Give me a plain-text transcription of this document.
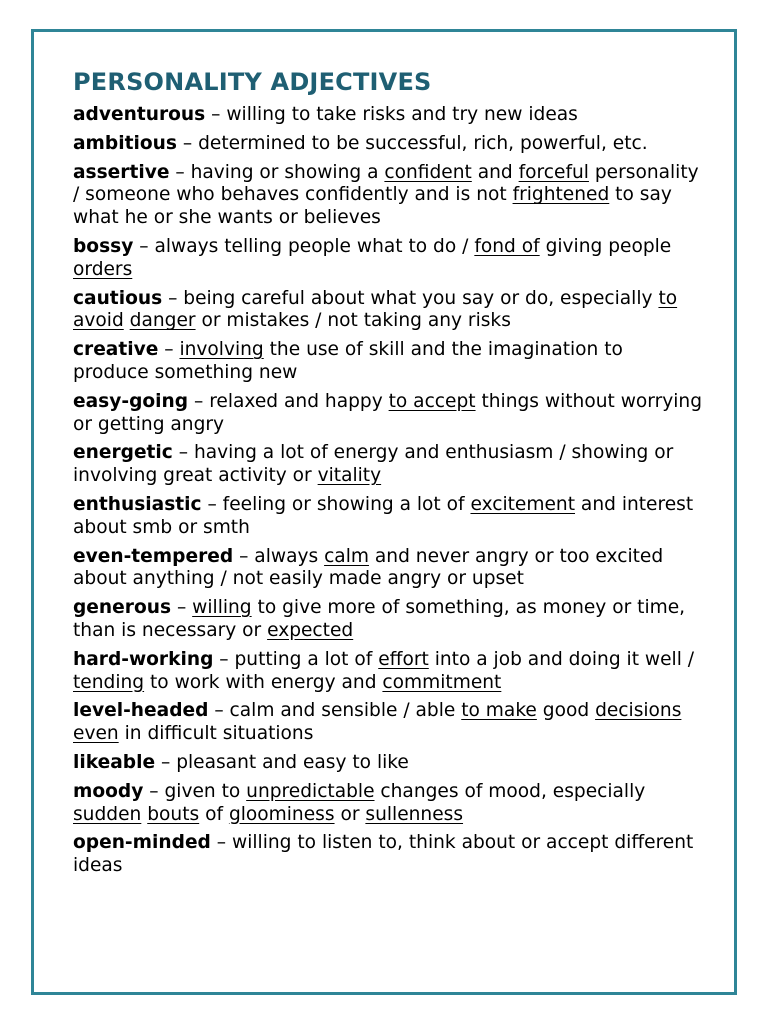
PERSONALITY ADJECTIVES

adventurous – willing to take risks and try new ideas

ambitious – determined to be successful, rich, powerful, etc.

assertive – having or showing a confident and forceful personality / someone who behaves confidently and is not frightened to say what he or she wants or believes

bossy – always telling people what to do / fond of giving people orders

cautious – being careful about what you say or do, especially to avoid danger or mistakes / not taking any risks

creative – involving the use of skill and the imagination to produce something new

easy-going – relaxed and happy to accept things without worrying or getting angry

energetic – having a lot of energy and enthusiasm / showing or involving great activity or vitality

enthusiastic – feeling or showing a lot of excitement and interest about smb or smth

even-tempered – always calm and never angry or too excited about anything / not easily made angry or upset

generous – willing to give more of something, as money or time, than is necessary or expected

hard-working – putting a lot of effort into a job and doing it well / tending to work with energy and commitment

level-headed – calm and sensible / able to make good decisions even in difficult situations

likeable – pleasant and easy to like

moody – given to unpredictable changes of mood, especially sudden bouts of gloominess or sullenness

open-minded – willing to listen to, think about or accept different ideas
